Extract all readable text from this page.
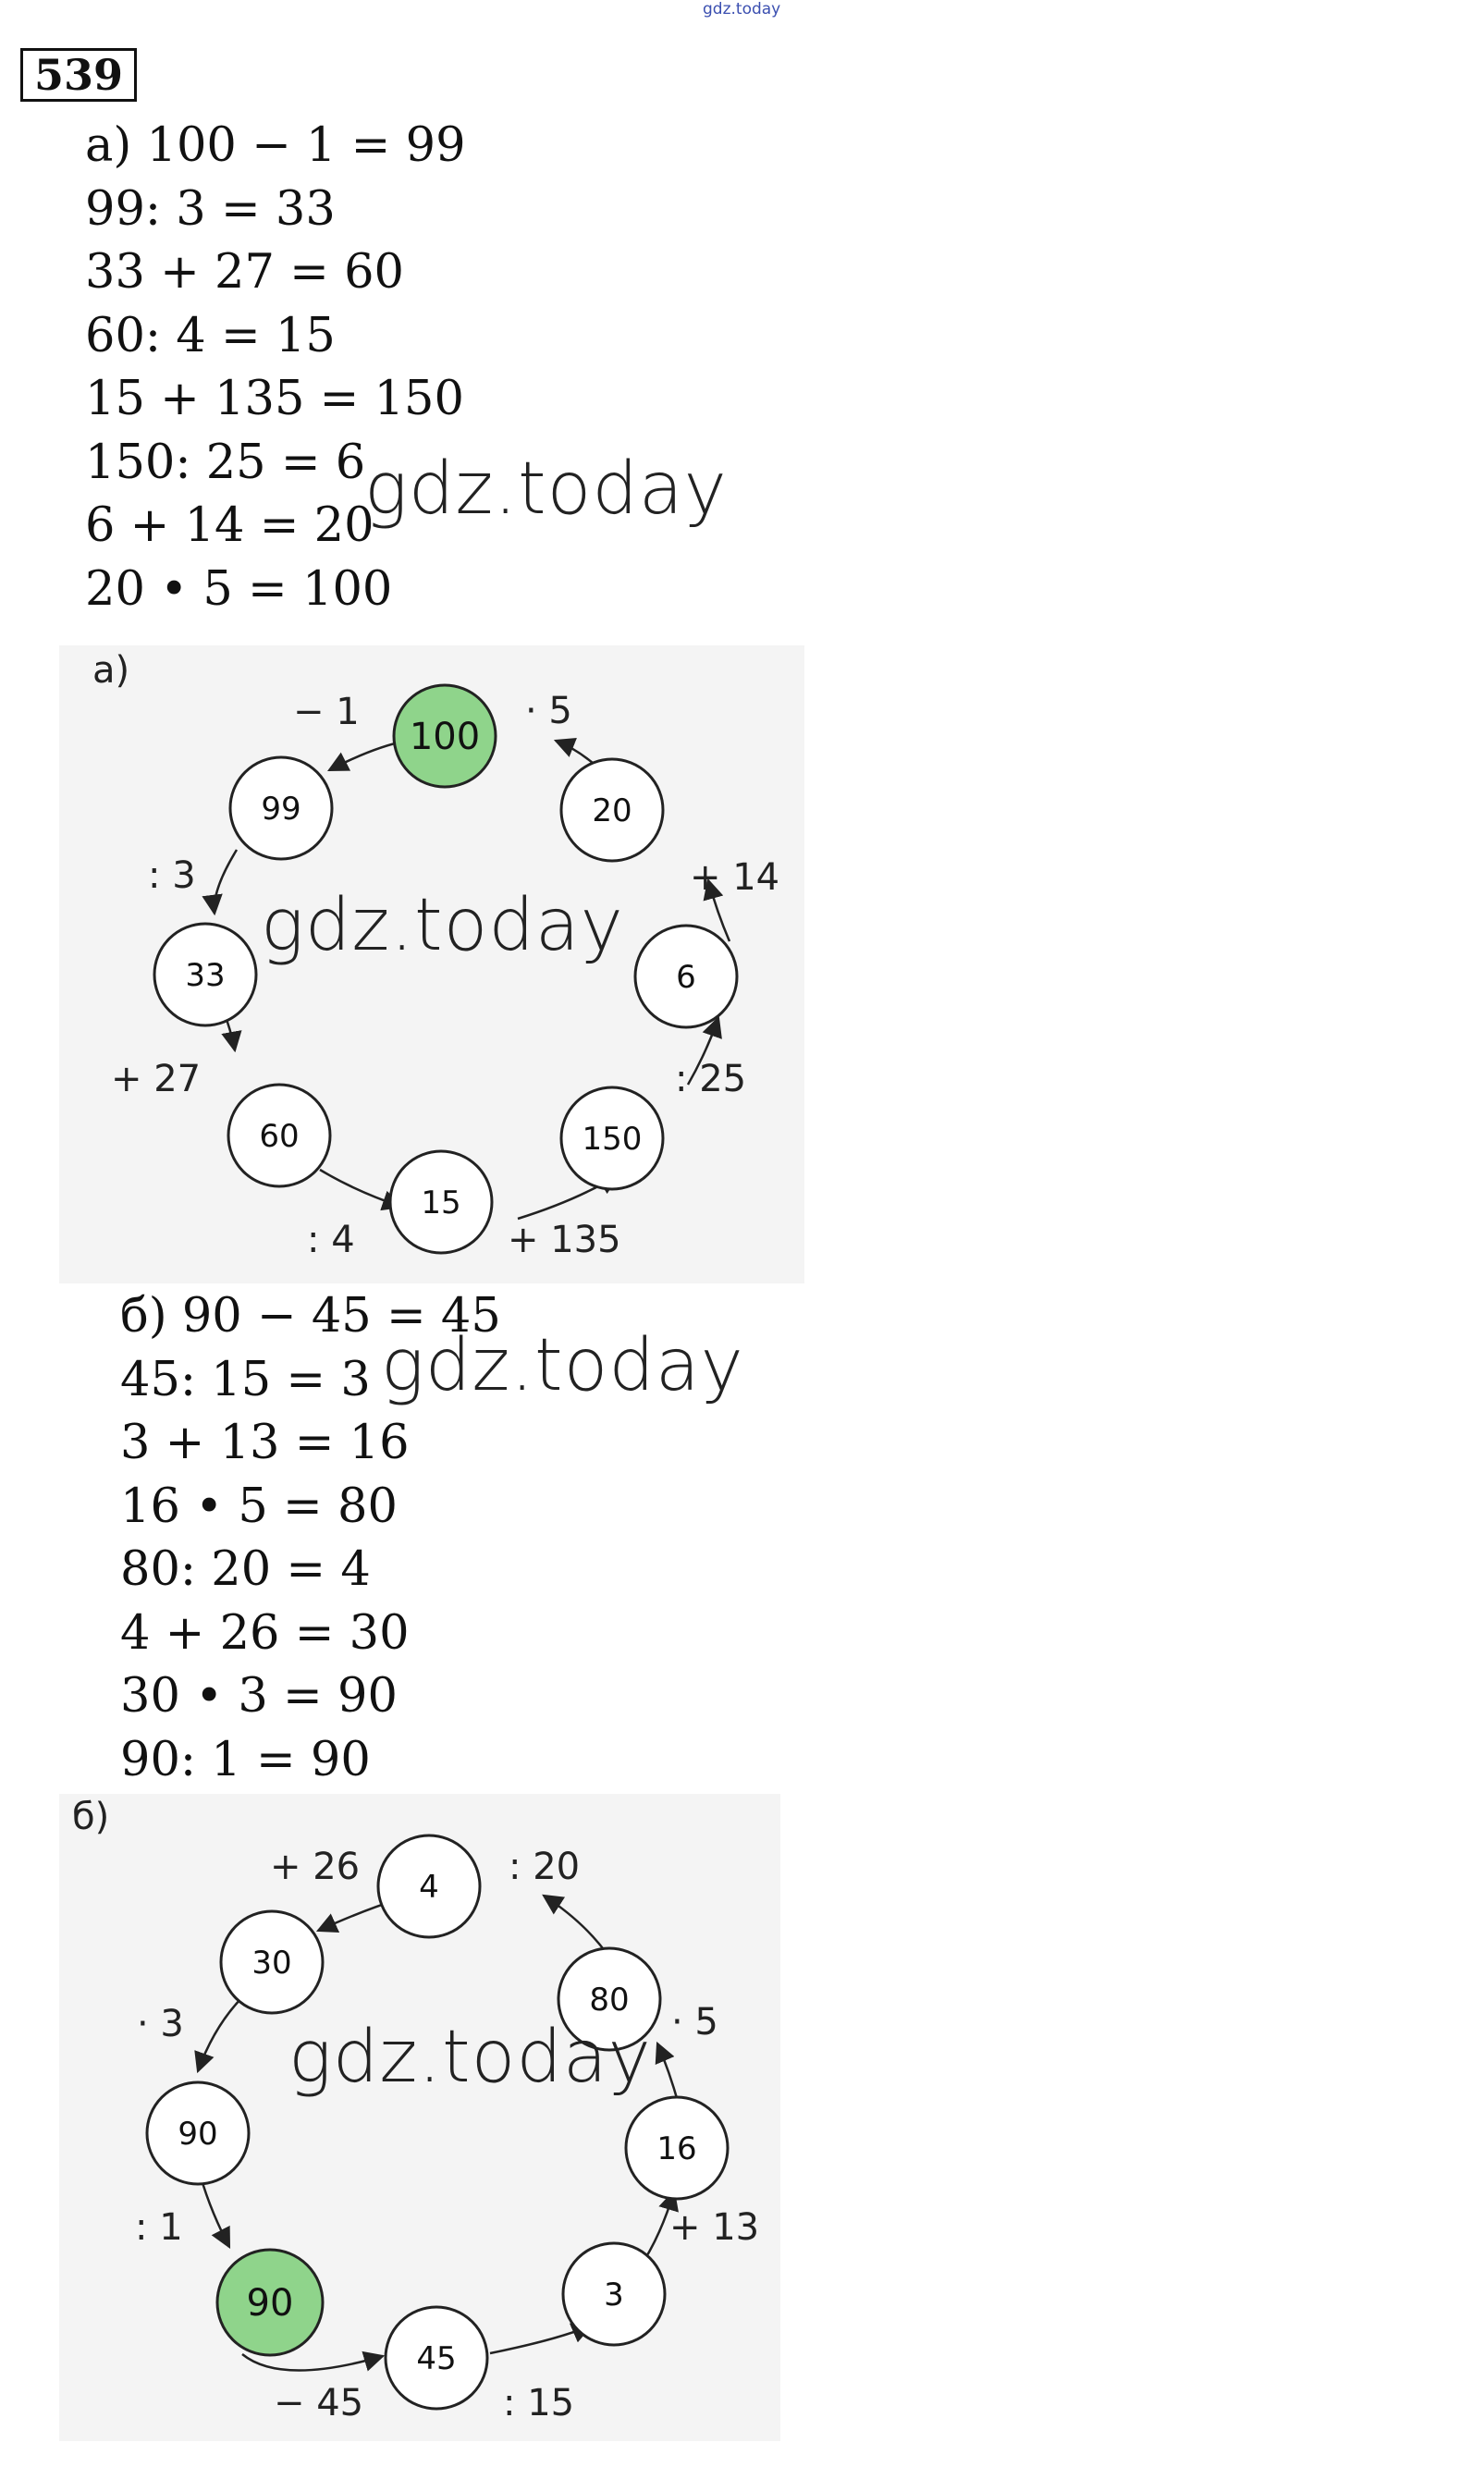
gdz.today
539
а) 100 − 1 = 99
99: 3 = 33
33 + 27 = 60
60: 4 = 15
15 + 135 = 150
150: 25 = 6
6 + 14 = 20
20 • 5 = 100
gdz.today
а)
100
99
33
60
15
150
6
20
− 1
: 3
+ 27
: 4	+ 135
: 25
+ 14
· 5
gdz.today
б) 90 − 45 = 45
45: 15 = 3
3 + 13 = 16
16 • 5 = 80
80: 20 = 4
4 + 26 = 30
30 • 3 = 90
90: 1 = 90
gdz.today
б)
90
45
3
16
80
4
30
90
− 45	: 15
+ 13
· 5
: 20
+ 26
· 3
: 1
gdz.today
